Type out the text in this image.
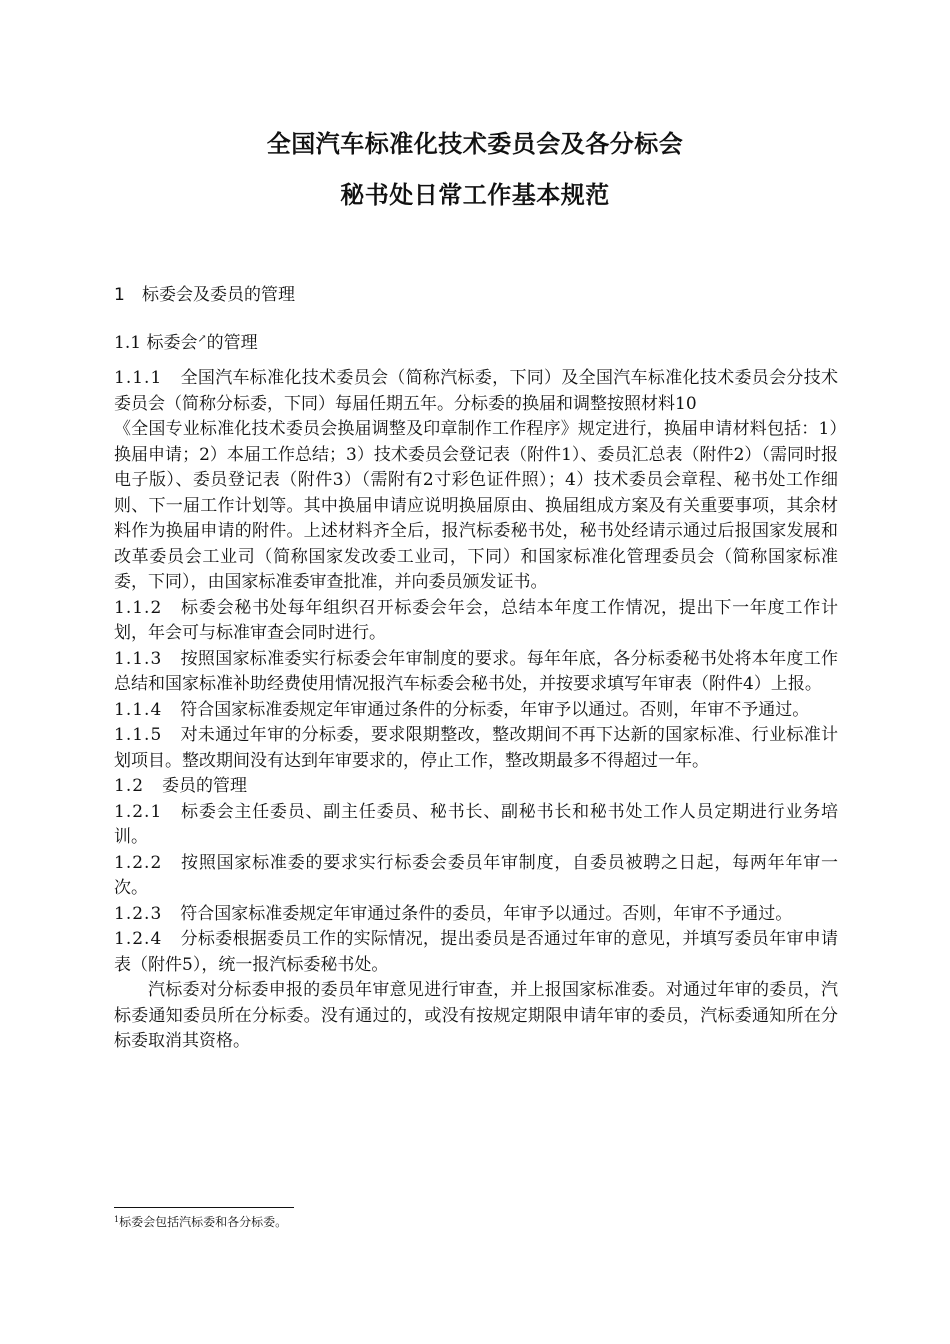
全国汽车标准化技术委员会及各分标会
秘书处日常工作基本规范
1 标委会及委员的管理
1.1 标委会↗的管理

1.1.1 全国汽车标准化技术委员会（简称汽标委，下同）及全国汽车标准化技术委员会分技术委员会（简称分标委，下同）每届任期五年。分标委的换届和调整按照材料10

《全国专业标准化技术委员会换届调整及印章制作工作程序》规定进行，换届申请材料包括：1）换届申请；2）本届工作总结；3）技术委员会登记表（附件1）、委员汇总表（附件2）（需同时报电子版）、委员登记表（附件3）（需附有2寸彩色证件照）；4）技术委员会章程、秘书处工作细则、下一届工作计划等。其中换届申请应说明换届原由、换届组成方案及有关重要事项，其余材料作为换届申请的附件。上述材料齐全后，报汽标委秘书处，秘书处经请示通过后报国家发展和改革委员会工业司（简称国家发改委工业司，下同）和国家标准化管理委员会（简称国家标准委，下同），由国家标准委审查批准，并向委员颁发证书。

1.1.2 标委会秘书处每年组织召开标委会年会，总结本年度工作情况，提出下一年度工作计划，年会可与标准审查会同时进行。

1.1.3 按照国家标准委实行标委会年审制度的要求。每年年底，各分标委秘书处将本年度工作总结和国家标准补助经费使用情况报汽车标委会秘书处，并按要求填写年审表（附件4）上报。

1.1.4 符合国家标准委规定年审通过条件的分标委，年审予以通过。否则，年审不予通过。

1.1.5 对未通过年审的分标委，要求限期整改，整改期间不再下达新的国家标准、行业标准计划项目。整改期间没有达到年审要求的，停止工作，整改期最多不得超过一年。

1.2 委员的管理

1.2.1 标委会主任委员、副主任委员、秘书长、副秘书长和秘书处工作人员定期进行业务培训。

1.2.2 按照国家标准委的要求实行标委会委员年审制度，自委员被聘之日起，每两年年审一次。

1.2.3 符合国家标准委规定年审通过条件的委员，年审予以通过。否则，年审不予通过。

1.2.4 分标委根据委员工作的实际情况，提出委员是否通过年审的意见，并填写委员年审申请表（附件5），统一报汽标委秘书处。

汽标委对分标委申报的委员年审意见进行审查，并上报国家标准委。对通过年审的委员，汽标委通知委员所在分标委。没有通过的，或没有按规定期限申请年审的委员，汽标委通知所在分标委取消其资格。

$^1$标委会包括汽标委和各分标委。
